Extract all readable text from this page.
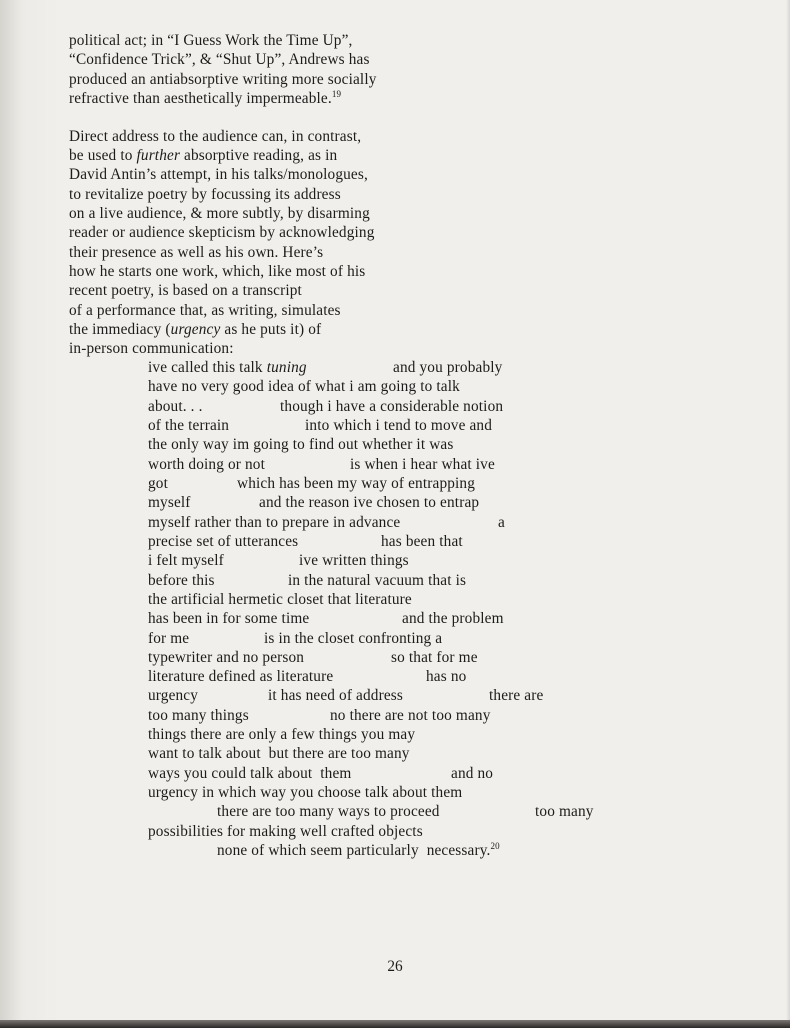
political act; in “I Guess Work the Time Up”,
“Confidence Trick”, & “Shut Up”, Andrews has
produced an antiabsorptive writing more socially
refractive than aesthetically impermeable.$^{19}$
Direct address to the audience can, in contrast,
be used to further absorptive reading, as in
David Antin’s attempt, in his talks/monologues,
to revitalize poetry by focussing its address
on a live audience, & more subtly, by disarming
reader or audience skepticism by acknowledging
their presence as well as his own. Here’s
how he starts one work, which, like most of his
recent poetry, is based on a transcript
of a performance that, as writing, simulates
the immediacy (urgency as he puts it) of
in-person communication:
ive called this talk tuning	and you probably
have no very good idea of what i am going to talk
about. . .	though i have a considerable notion
of the terrain	into which i tend to move and
the only way im going to find out whether it was
worth doing or not	is when i hear what ive
got	which has been my way of entrapping
myself	and the reason ive chosen to entrap
myself rather than to prepare in advance	a
precise set of utterances	has been that
i felt myself	ive written things
before this	in the natural vacuum that is
the artificial hermetic closet that literature
has been in for some time	and the problem
for me	is in the closet confronting a
typewriter and no person	so that for me
literature defined as literature	has no
urgency	it has need of address	there are
too many things	no there are not too many
things there are only a few things you may
want to talk about  but there are too many
ways you could talk about  them	and no
urgency in which way you choose talk about them
there are too many ways to proceed	too many
possibilities for making well crafted objects
none of which seem particularly  necessary.$^{20}$
26
